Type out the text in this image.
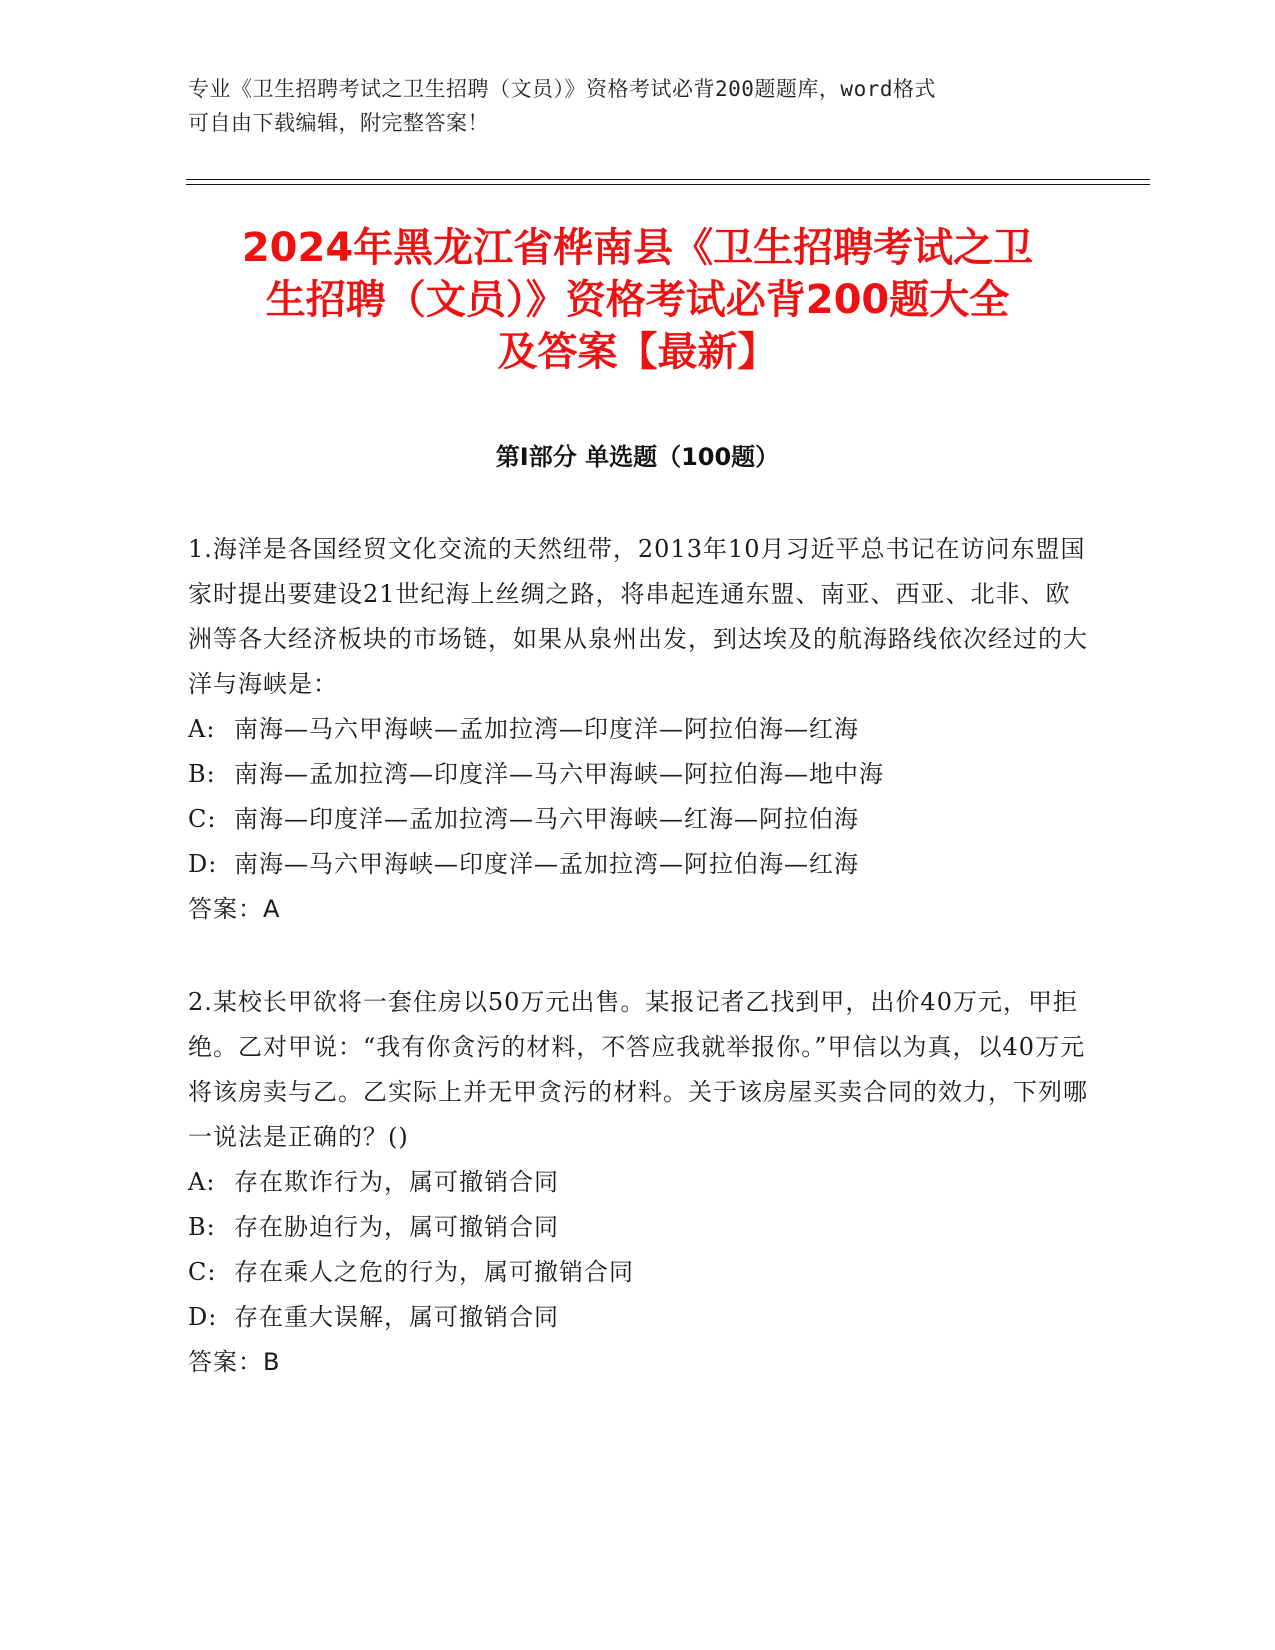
专业《卫生招聘考试之卫生招聘（文员）》资格考试必背200题题库，word格式
可自由下载编辑，附完整答案！
2024年黑龙江省桦南县《卫生招聘考试之卫
生招聘（文员）》资格考试必背200题大全
及答案【最新】
第I部分 单选题（100题）
1.海洋是各国经贸文化交流的天然纽带，2013年10月习近平总书记在访问东盟国家时提出要建设21世纪海上丝绸之路，将串起连通东盟、南亚、西亚、北非、欧洲等各大经济板块的市场链，如果从泉州出发，到达埃及的航海路线依次经过的大洋与海峡是：
A: 南海—马六甲海峡—孟加拉湾—印度洋—阿拉伯海—红海
B: 南海—孟加拉湾—印度洋—马六甲海峡—阿拉伯海—地中海
C: 南海—印度洋—孟加拉湾—马六甲海峡—红海—阿拉伯海
D: 南海—马六甲海峡—印度洋—孟加拉湾—阿拉伯海—红海
答案：A
2.某校长甲欲将一套住房以50万元出售。某报记者乙找到甲，出价40万元，甲拒绝。乙对甲说：“我有你贪污的材料，不答应我就举报你。”甲信以为真，以40万元将该房卖与乙。乙实际上并无甲贪污的材料。关于该房屋买卖合同的效力，下列哪一说法是正确的？()
A: 存在欺诈行为，属可撤销合同
B: 存在胁迫行为，属可撤销合同
C: 存在乘人之危的行为，属可撤销合同
D: 存在重大误解，属可撤销合同
答案：B
